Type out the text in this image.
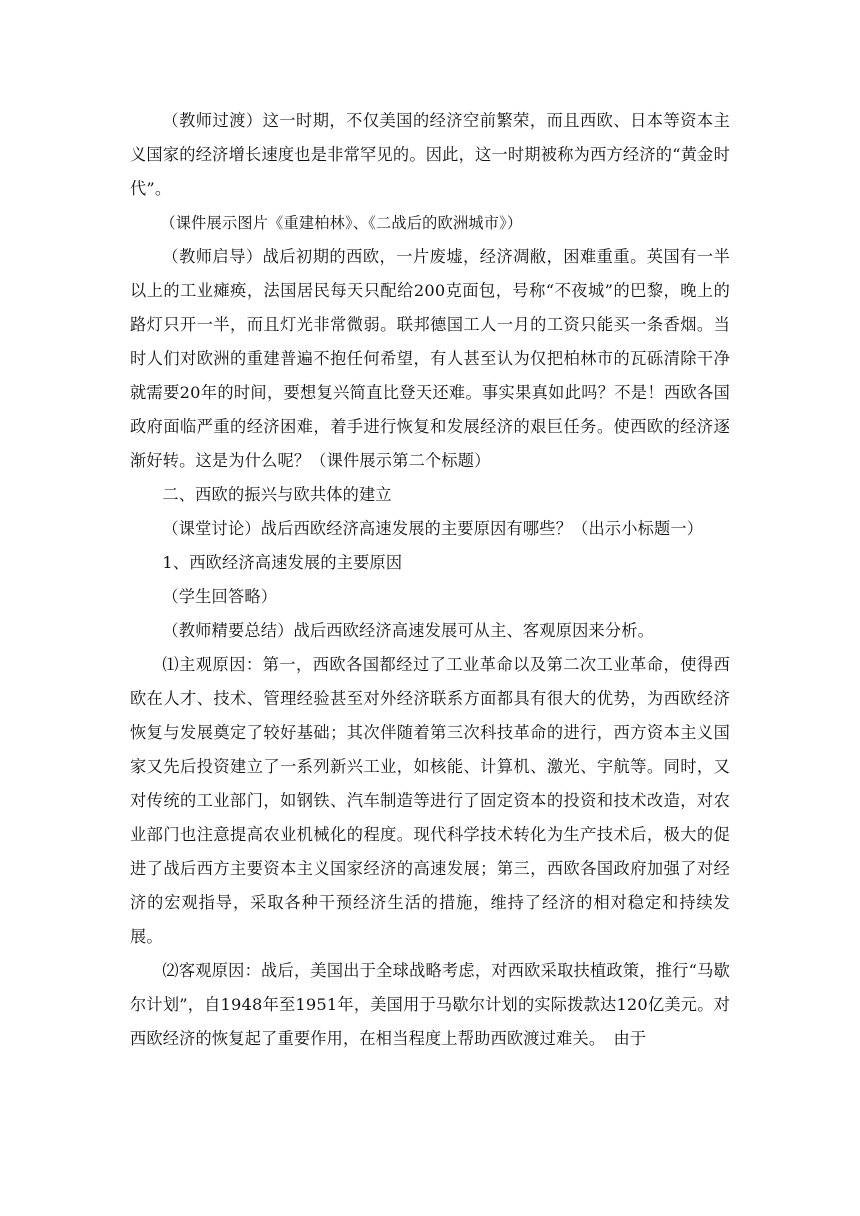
（教师过渡）这一时期，不仅美国的经济空前繁荣，而且西欧、日本等资本主义国家的经济增长速度也是非常罕见的。因此，这一时期被称为西方经济的“黄金时代”。

（课件展示图片《重建柏林》、《二战后的欧洲城市》）

（教师启导）战后初期的西欧，一片废墟，经济凋敝，困难重重。英国有一半以上的工业瘫痪，法国居民每天只配给200克面包，号称“不夜城”的巴黎，晚上的路灯只开一半，而且灯光非常微弱。联邦德国工人一月的工资只能买一条香烟。当时人们对欧洲的重建普遍不抱任何希望，有人甚至认为仅把柏林市的瓦砾清除干净就需要20年的时间，要想复兴简直比登天还难。事实果真如此吗？不是！西欧各国政府面临严重的经济困难，着手进行恢复和发展经济的艰巨任务。使西欧的经济逐渐好转。这是为什么呢？（课件展示第二个标题）

二、西欧的振兴与欧共体的建立

（课堂讨论）战后西欧经济高速发展的主要原因有哪些？（出示小标题一）

1、西欧经济高速发展的主要原因

（学生回答略）

（教师精要总结）战后西欧经济高速发展可从主、客观原因来分析。

⑴主观原因：第一，西欧各国都经过了工业革命以及第二次工业革命，使得西欧在人才、技术、管理经验甚至对外经济联系方面都具有很大的优势，为西欧经济恢复与发展奠定了较好基础；其次伴随着第三次科技革命的进行，西方资本主义国家又先后投资建立了一系列新兴工业，如核能、计算机、激光、宇航等。同时，又对传统的工业部门，如钢铁、汽车制造等进行了固定资本的投资和技术改造，对农业部门也注意提高农业机械化的程度。现代科学技术转化为生产技术后，极大的促进了战后西方主要资本主义国家经济的高速发展；第三，西欧各国政府加强了对经济的宏观指导，采取各种干预经济生活的措施，维持了经济的相对稳定和持续发展。

⑵客观原因：战后，美国出于全球战略考虑，对西欧采取扶植政策，推行“马歇尔计划”，自1948年至1951年，美国用于马歇尔计划的实际拨款达120亿美元。对西欧经济的恢复起了重要作用，在相当程度上帮助西欧渡过难关。　由于
